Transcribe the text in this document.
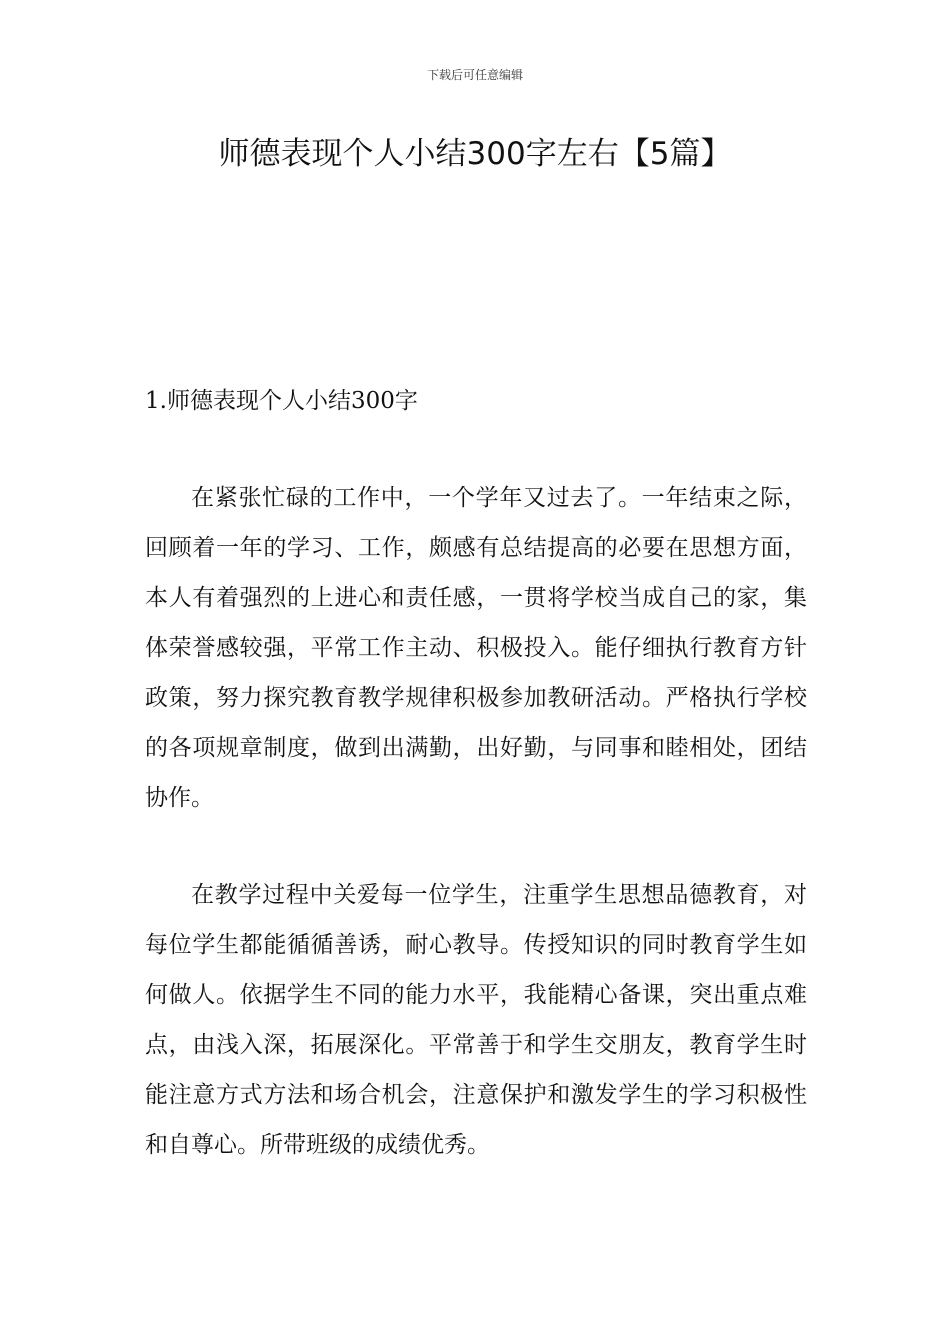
下载后可任意编辑
师德表现个人小结300字左右【5篇】
1.师德表现个人小结300字

在紧张忙碌的工作中，一个学年又过去了。一年结束之际，回顾着一年的学习、工作，颇感有总结提高的必要在思想方面，本人有着强烈的上进心和责任感，一贯将学校当成自己的家，集体荣誉感较强，平常工作主动、积极投入。能仔细执行教育方针政策，努力探究教育教学规律积极参加教研活动。严格执行学校的各项规章制度，做到出满勤，出好勤，与同事和睦相处，团结协作。

在教学过程中关爱每一位学生，注重学生思想品德教育，对每位学生都能循循善诱，耐心教导。传授知识的同时教育学生如何做人。依据学生不同的能力水平，我能精心备课，突出重点难点，由浅入深，拓展深化。平常善于和学生交朋友，教育学生时能注意方式方法和场合机会，注意保护和激发学生的学习积极性和自尊心。所带班级的成绩优秀。
